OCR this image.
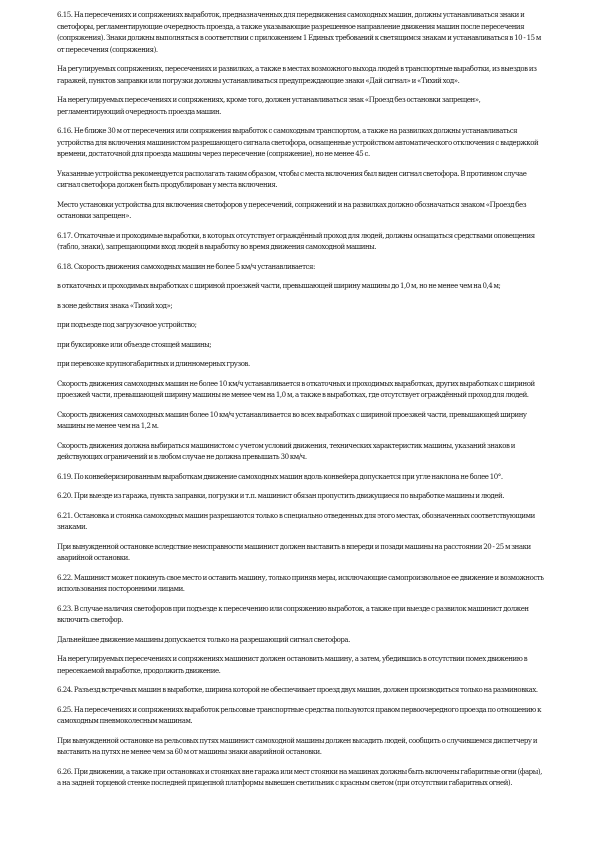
6.15. На пересечениях и сопряжениях выработок, предназначенных для передвижения самоходных машин, должны устанавливаться знаки и светофоры, регламентирующие очередность проезда, а также указывающие разрешенное направление движения машин после пересечения (сопряжения). Знаки должны выполняться в соответствии с приложением 1 Единых требований к светящимся знакам и устанавливаться в 10 - 15 м от пересечения (сопряжения).
На регулируемых сопряжениях, пересечениях и развилках, а также в местах возможного выхода людей в транспортные выработки, из выездов из гаражей, пунктов заправки или погрузки должны устанавливаться предупреждающие знаки «Дай сигнал» и «Тихий ход».
На нерегулируемых пересечениях и сопряжениях, кроме того, должен устанавливаться знак «Проезд без остановки запрещен», регламентирующий очередность проезда машин.
6.16. Не ближе 30 м от пересечения или сопряжения выработок с самоходным транспортом, а также на развилках должны устанавливаться устройства для включения машинистом разрешающего сигнала светофора, оснащенные устройством автоматического отключения с выдержкой времени, достаточной для проезда машины через пересечение (сопряжение), но не менее 45 с.
Указанные устройства рекомендуется располагать таким образом, чтобы с места включения был виден сигнал светофора. В противном случае сигнал светофора должен быть продублирован у места включения.
Место установки устройства для включения светофоров у пересечений, сопряжений и на развилках должно обозначаться знаком «Проезд без остановки запрещен».
6.17. Откаточные и проходимые выработки, в которых отсутствует ограждённый проход для людей, должны оснащаться средствами оповещения (табло, знаки), запрещающими вход людей в выработку во время движения самоходной машины.
6.18. Скорость движения самоходных машин не более 5 км/ч устанавливается:
в откаточных и проходимых выработках с шириной проезжей части, превышающей ширину машины до 1,0 м, но не менее чем на 0,4 м;
в зоне действия знака «Тихий ход»;
при подъезде под загрузочное устройство;
при буксировке или объезде стоящей машины;
при перевозке крупногабаритных и длинномерных грузов.
Скорость движения самоходных машин не более 10 км/ч устанавливается в откаточных и проходимых выработках, других выработках с шириной проезжей части, превышающей ширину машины не менее чем на 1,0 м, а также в выработках, где отсутствует ограждённый проход для людей.
Скорость движения самоходных машин более 10 км/ч устанавливается во всех выработках с шириной проезжей части, превышающей ширину машины не менее чем на 1,2 м.
Скорость движения должна выбираться машинистом с учетом условий движения, технических характеристик машины, указаний знаков и действующих ограничений и в любом случае не должна превышать 30 км/ч.
6.19. По конвейеризированным выработкам движение самоходных машин вдоль конвейера допускается при угле наклона не более 10°.
6.20. При выезде из гаража, пункта заправки, погрузки и т.п. машинист обязан пропустить движущиеся по выработке машины и людей.
6.21. Остановка и стоянка самоходных машин разрешаются только в специально отведенных для этого местах, обозначенных соответствующими знаками.
При вынужденной остановке вследствие неисправности машинист должен выставить в впереди и позади машины на расстоянии 20 - 25 м знаки аварийной остановки.
6.22. Машинист может покинуть свое место и оставить машину, только приняв меры, исключающие самопроизвольное ее движение и возможность использования посторонними лицами.
6.23. В случае наличия светофоров при подъезде к пересечению или сопряжению выработок, а также при выезде с развилок машинист должен включить светофор.
Дальнейшее движение машины допускается только на разрешающий сигнал светофора.
На нерегулируемых пересечениях и сопряжениях машинист должен остановить машину, а затем, убедившись в отсутствии помех движению в пересекаемой выработке, продолжить движение.
6.24. Разъезд встречных машин в выработке, ширина которой не обеспечивает проезд двух машин, должен производиться только на разминовках.
6.25. На пересечениях и сопряжениях выработок рельсовые транспортные средства пользуются правом первоочередного проезда по отношению к самоходным пневмоколесным машинам.
При вынужденной остановке на рельсовых путях машинист самоходной машины должен высадить людей, сообщить о случившемся диспетчеру и выставить на путях не менее чем за 60 м от машины знаки аварийной остановки.
6.26. При движении, а также при остановках и стоянках вне гаража или мест стоянки на машинах должны быть включены габаритные огни (фары), а на задней торцевой стенке последней прицепной платформы вывешен светильник с красным светом (при отсутствии габаритных огней).
